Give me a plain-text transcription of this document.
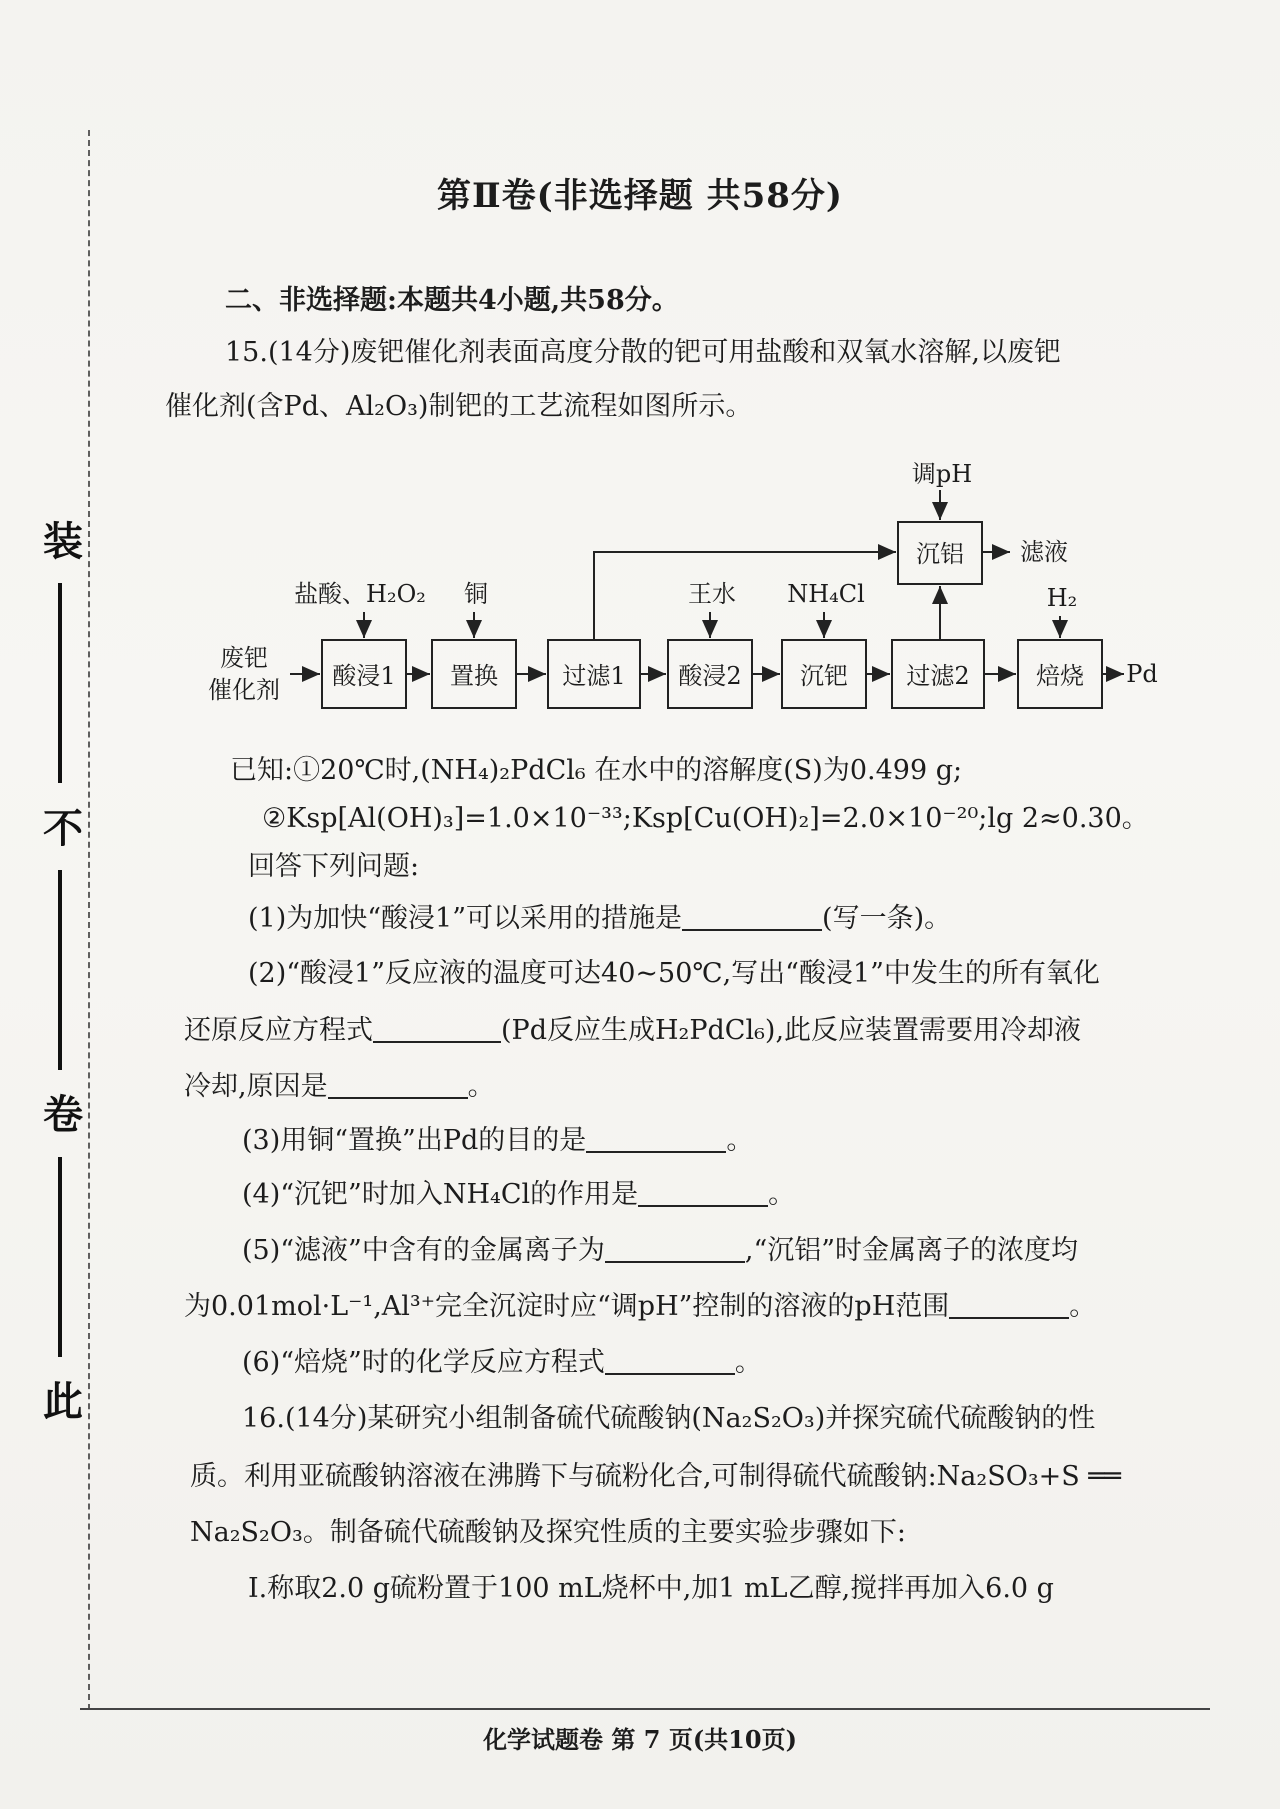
装
不
卷
此
第Ⅱ卷(非选择题 共58分)
二、非选择题:本题共4小题,共58分。
15.(14分)废钯催化剂表面高度分散的钯可用盐酸和双氧水溶解,以废钯
催化剂(含Pd、Al₂O₃)制钯的工艺流程如图所示。
废钯
催化剂 酸浸1 置换	过滤1 酸浸2 沉钯 过滤2	焙烧
沉铝
盐酸、H₂O₂ 铜	王水 NH₄Cl	H₂
调pH
滤液
Pd
已知:①20℃时,(NH₄)₂PdCl₆ 在水中的溶解度(S)为0.499 g;
②Ksp[Al(OH)₃]=1.0×10⁻³³;Ksp[Cu(OH)₂]=2.0×10⁻²⁰;lg 2≈0.30。
回答下列问题:
(1)为加快“酸浸1”可以采用的措施是	(写一条)。
(2)“酸浸1”反应液的温度可达40~50℃,写出“酸浸1”中发生的所有氧化
还原反应方程式	(Pd反应生成H₂PdCl₆),此反应装置需要用冷却液
冷却,原因是	。
(3)用铜“置换”出Pd的目的是	。
(4)“沉钯”时加入NH₄Cl的作用是	。
(5)“滤液”中含有的金属离子为	,“沉铝”时金属离子的浓度均
为0.01mol·L⁻¹,Al³⁺完全沉淀时应“调pH”控制的溶液的pH范围	。
(6)“焙烧”时的化学反应方程式	。
16.(14分)某研究小组制备硫代硫酸钠(Na₂S₂O₃)并探究硫代硫酸钠的性
质。利用亚硫酸钠溶液在沸腾下与硫粉化合,可制得硫代硫酸钠:Na₂SO₃+S ══
Na₂S₂O₃。制备硫代硫酸钠及探究性质的主要实验步骤如下:
Ⅰ.称取2.0 g硫粉置于100 mL烧杯中,加1 mL乙醇,搅拌再加入6.0 g
化学试题卷 第 7 页(共10页)
